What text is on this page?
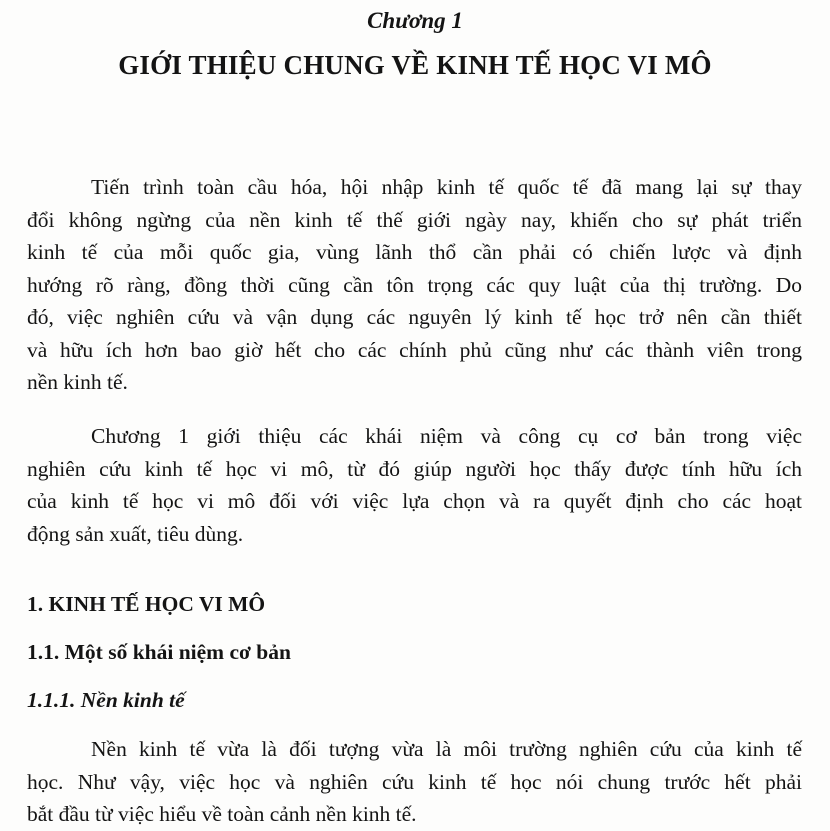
Chương 1
GIỚI THIỆU CHUNG VỀ KINH TẾ HỌC VI MÔ

Tiến trình toàn cầu hóa, hội nhập kinh tế quốc tế đã mang lại sự thay
đổi không ngừng của nền kinh tế thế giới ngày nay, khiến cho sự phát triển
kinh tế của mỗi quốc gia, vùng lãnh thổ cần phải có chiến lược và định
hướng rõ ràng, đồng thời cũng cần tôn trọng các quy luật của thị trường. Do
đó, việc nghiên cứu và vận dụng các nguyên lý kinh tế học trở nên cần thiết
và hữu ích hơn bao giờ hết cho các chính phủ cũng như các thành viên trong
nền kinh tế.

Chương 1 giới thiệu các khái niệm và công cụ cơ bản trong việc
nghiên cứu kinh tế học vi mô, từ đó giúp người học thấy được tính hữu ích
của kinh tế học vi mô đối với việc lựa chọn và ra quyết định cho các hoạt
động sản xuất, tiêu dùng.

1. KINH TẾ HỌC VI MÔ
1.1. Một số khái niệm cơ bản
1.1.1. Nền kinh tế

Nền kinh tế vừa là đối tượng vừa là môi trường nghiên cứu của kinh tế
học. Như vậy, việc học và nghiên cứu kinh tế học nói chung trước hết phải
bắt đầu từ việc hiểu về toàn cảnh nền kinh tế.
